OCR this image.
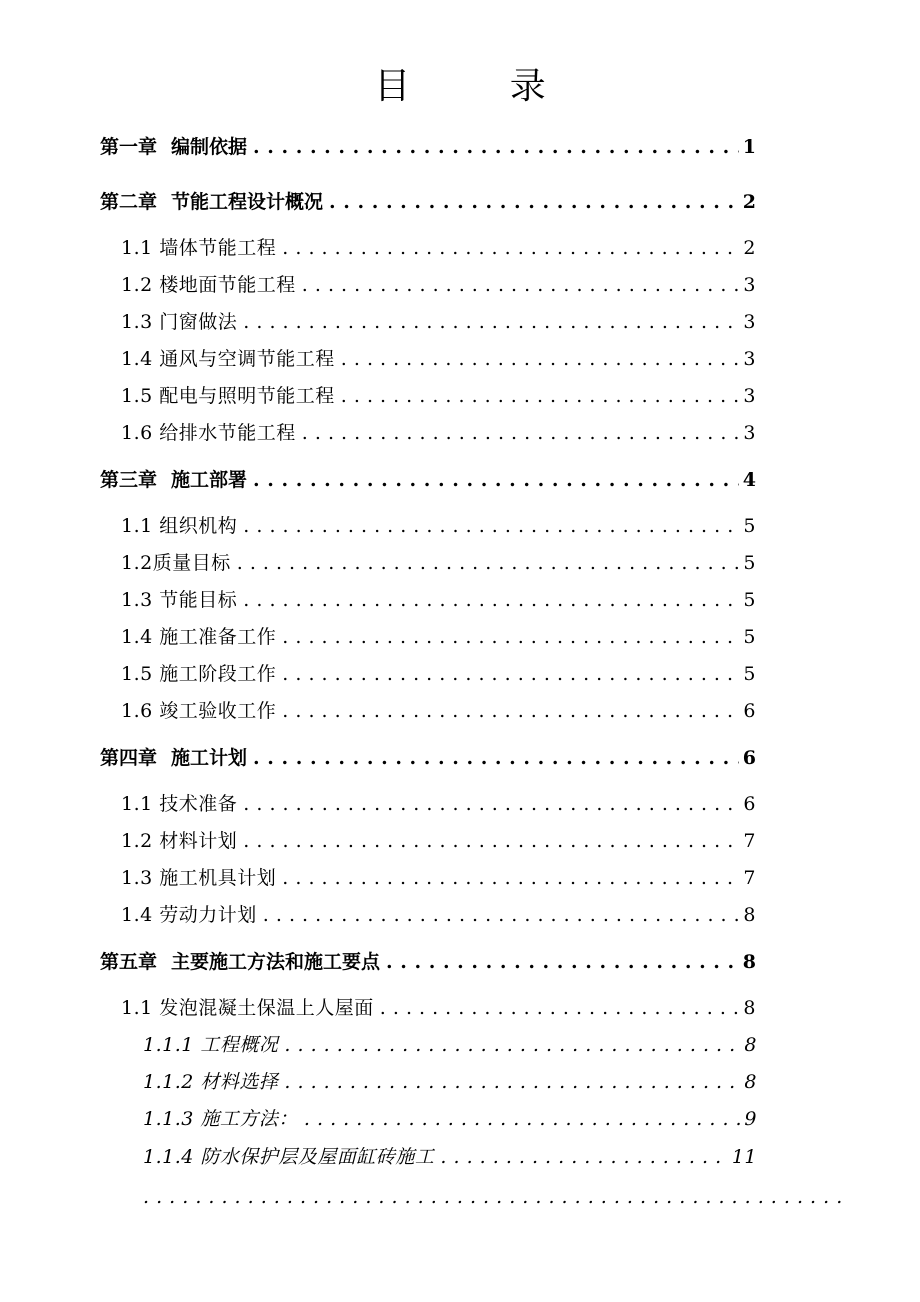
目 录
第一章 编制依据 . . .	1
第二章 节能工程设计概况 . . .	2
1.1 墙体节能工程 . . .	2
1.2 楼地面节能工程 . . .	3
1.3 门窗做法 . . .	3
1.4 通风与空调节能工程 . . .	3
1.5 配电与照明节能工程 . . .	3
1.6 给排水节能工程 . . .	3
第三章 施工部署 . . .	4
1.1 组织机构 . . .	5
1.2质量目标 . . .	5
1.3 节能目标 . . .	5
1.4 施工准备工作 . . .	5
1.5 施工阶段工作 . . .	5
1.6 竣工验收工作 . . .	6
第四章 施工计划 . . .	6
1.1 技术准备 . . .	6
1.2 材料计划 . . .	7
1.3 施工机具计划 . . .	7
1.4 劳动力计划 . . .	8
第五章 主要施工方法和施工要点 . . .	8
1.1 发泡混凝土保温上人屋面 . . .	8
1.1.1 工程概况 . . .	8
1.1.2 材料选择 . . .	8
1.1.3 施工方法： . . .	9
1.1.4 防水保护层及屋面缸砖施工 . . .	11
. . .
